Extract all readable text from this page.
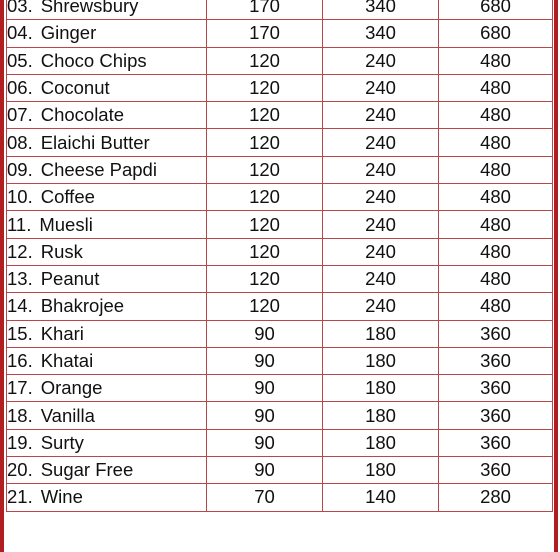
03. Shrewsbury	170	340	680
04. Ginger	170	340	680
05. Choco Chips	120	240	480
06. Coconut	120	240	480
07. Chocolate	120	240	480
08. Elaichi Butter	120	240	480
09. Cheese Papdi	120	240	480
10. Coffee	120	240	480
11. Muesli	120	240	480
12. Rusk	120	240	480
13. Peanut	120	240	480
14. Bhakrojee	120	240	480
15. Khari	90	180	360
16. Khatai	90	180	360
17. Orange	90	180	360
18. Vanilla	90	180	360
19. Surty	90	180	360
20. Sugar Free	90	180	360
21. Wine	70	140	280
